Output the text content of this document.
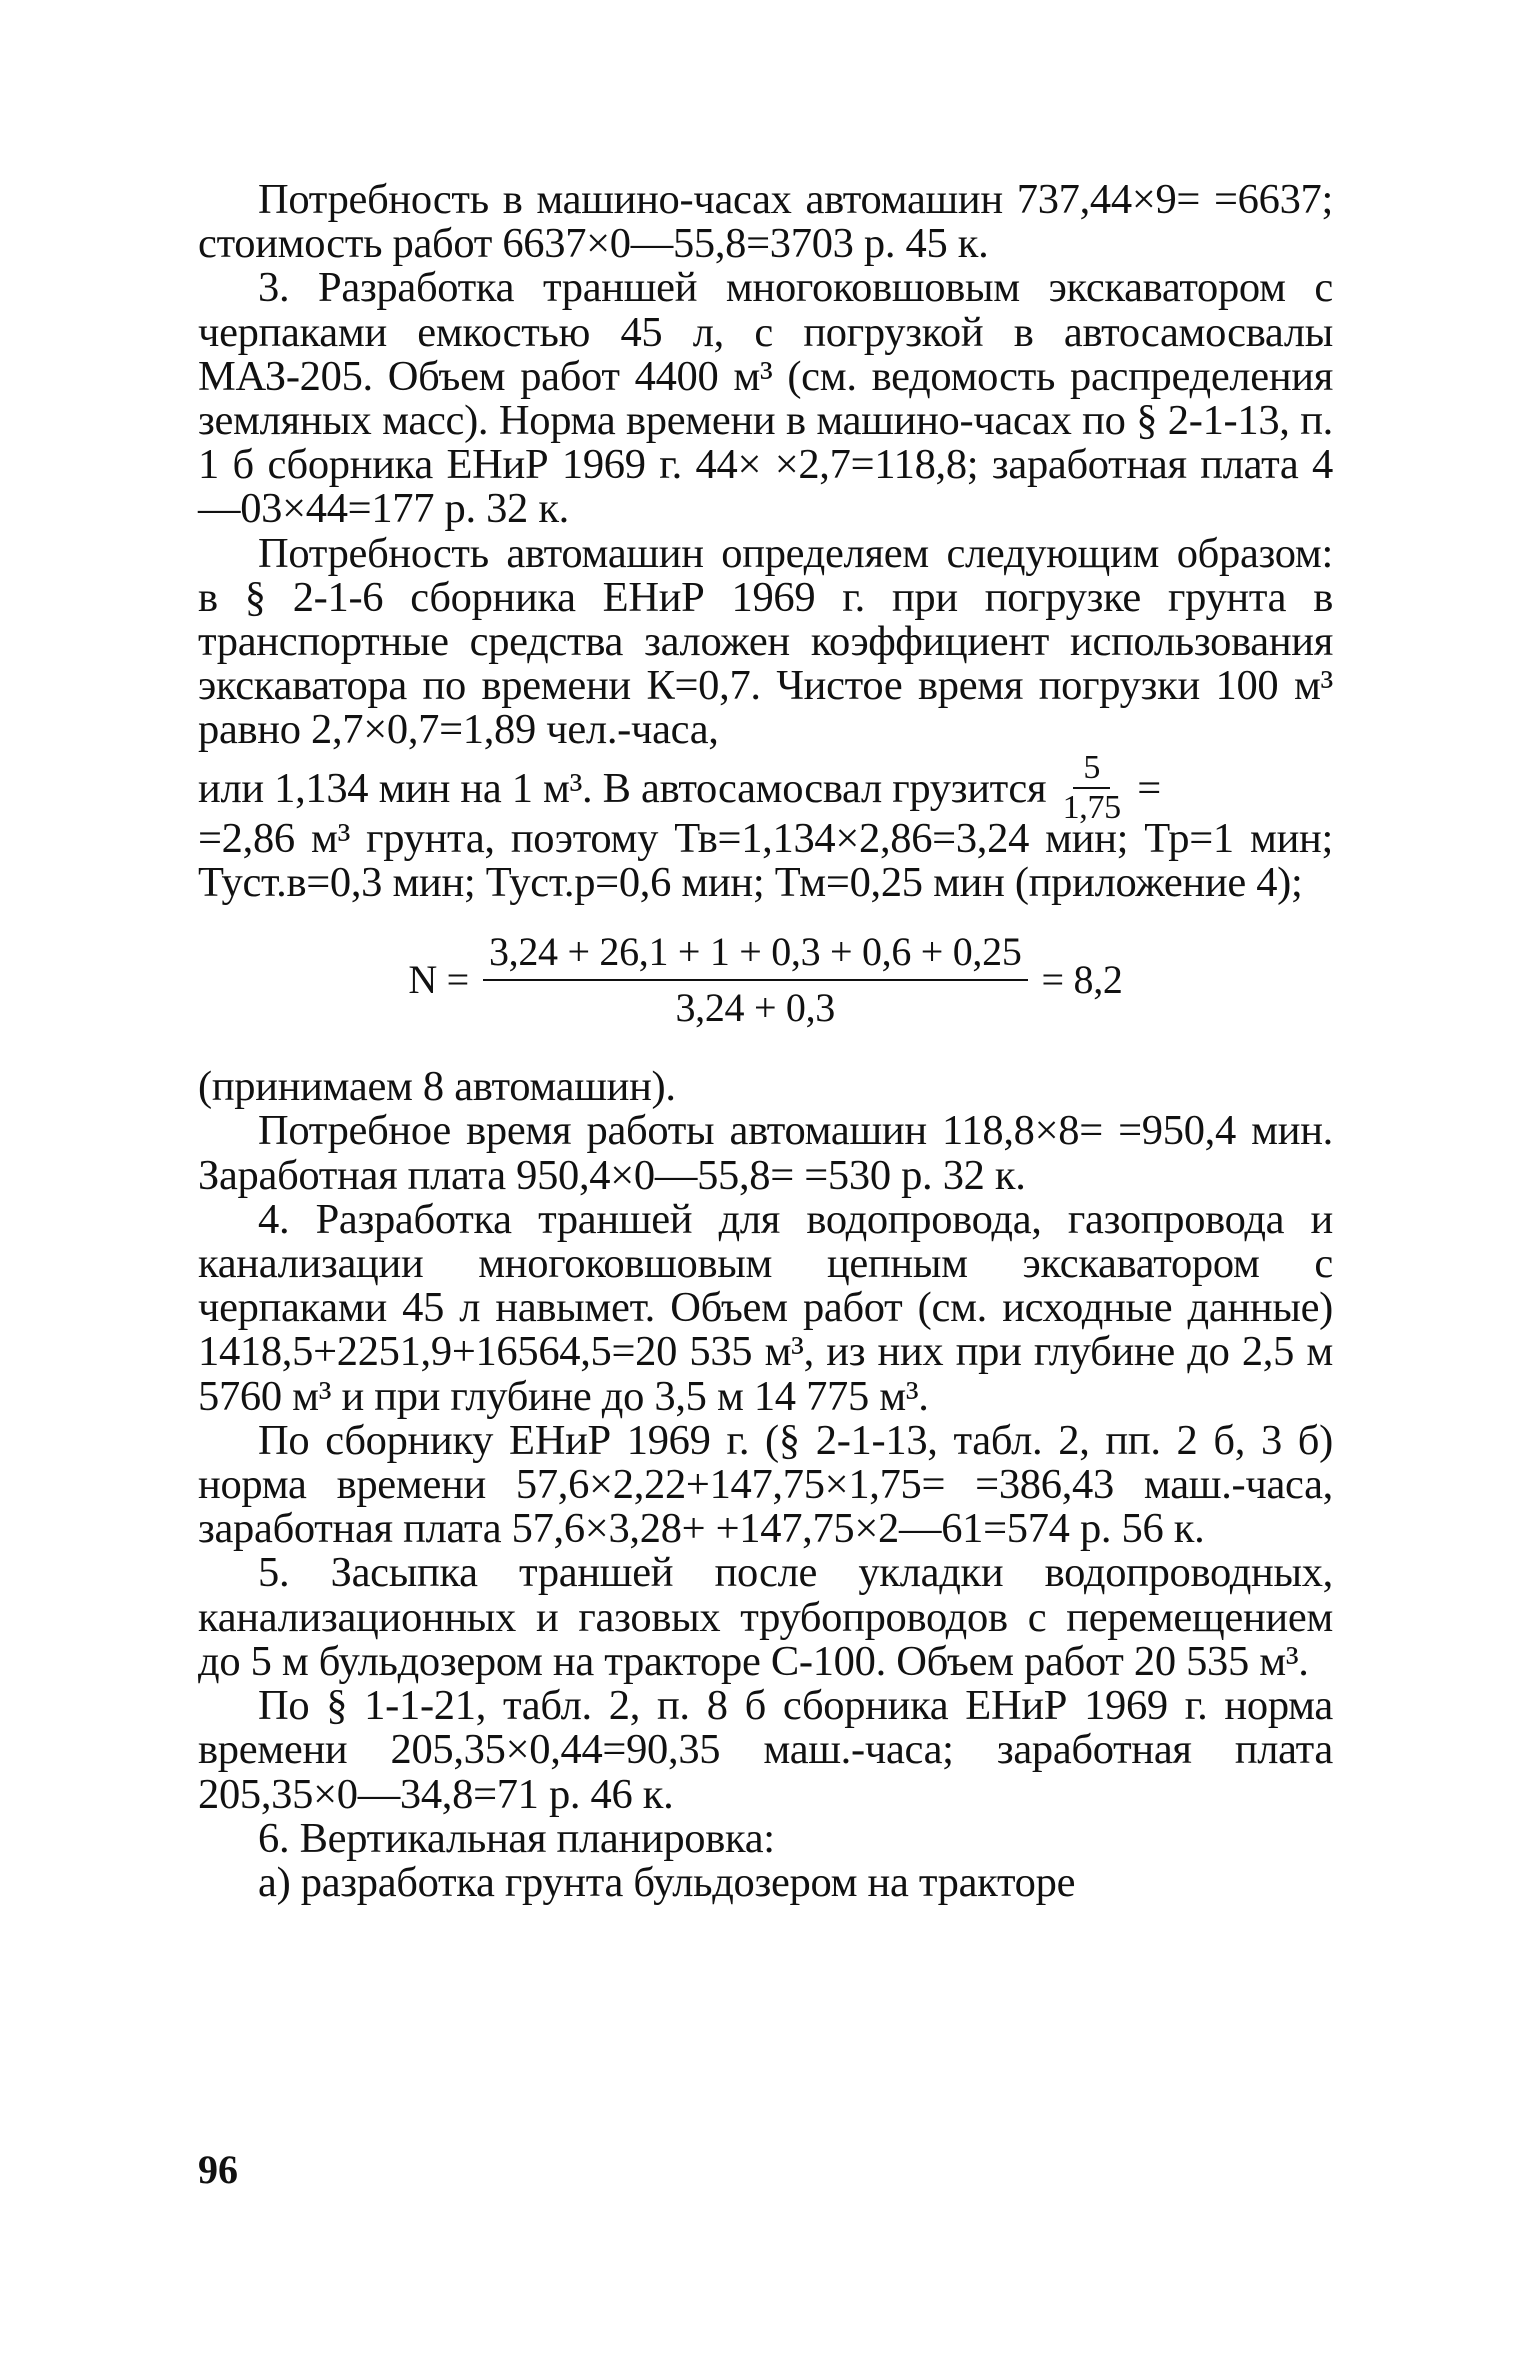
Потребность в машино-часах автомашин 737,44×9= =6637; стоимость работ 6637×0—55,8=3703 р. 45 к.

3. Разработка траншей многоковшовым экскаватором с черпаками емкостью 45 л, с погрузкой в автосамосвалы МАЗ-205. Объем работ 4400 м³ (см. ведомость распределения земляных масс). Норма времени в машино-часах по § 2-1-13, п. 1 б сборника ЕНиР 1969 г. 44× ×2,7=118,8; заработная плата 4—03×44=177 р. 32 к.

Потребность автомашин определяем следующим образом: в § 2-1-6 сборника ЕНиР 1969 г. при погрузке грунта в транспортные средства заложен коэффициент использования экскаватора по времени К=0,7. Чистое время погрузки 100 м³ равно 2,7×0,7=1,89 чел.-часа,

или 1,134 мин на 1 м³. В автосамосвал грузится $\frac{5}{1,75}$ =

=2,86 м³ грунта, поэтому Тв=1,134×2,86=3,24 мин; Тр=1 мин; Туст.в=0,3 мин; Туст.р=0,6 мин; Тм=0,25 мин (приложение 4);

$N = \frac{3,24 + 26,1 + 1 + 0,3 + 0,6 + 0,25}{3,24 + 0,3} = 8,2$

(принимаем 8 автомашин).

Потребное время работы автомашин 118,8×8= =950,4 мин. Заработная плата 950,4×0—55,8= =530 р. 32 к.

4. Разработка траншей для водопровода, газопровода и канализации многоковшовым цепным экскаватором с черпаками 45 л навымет. Объем работ (см. исходные данные) 1418,5+2251,9+16564,5=20 535 м³, из них при глубине до 2,5 м 5760 м³ и при глубине до 3,5 м 14 775 м³.

По сборнику ЕНиР 1969 г. (§ 2-1-13, табл. 2, пп. 2 б, 3 б) норма времени 57,6×2,22+147,75×1,75= =386,43 маш.-часа, заработная плата 57,6×3,28+ +147,75×2—61=574 р. 56 к.

5. Засыпка траншей после укладки водопроводных, канализационных и газовых трубопроводов с перемещением до 5 м бульдозером на тракторе С-100. Объем работ 20 535 м³.

По § 1-1-21, табл. 2, п. 8 б сборника ЕНиР 1969 г. норма времени 205,35×0,44=90,35 маш.-часа; заработная плата 205,35×0—34,8=71 р. 46 к.

6. Вертикальная планировка:

а) разработка грунта бульдозером на тракторе

96
